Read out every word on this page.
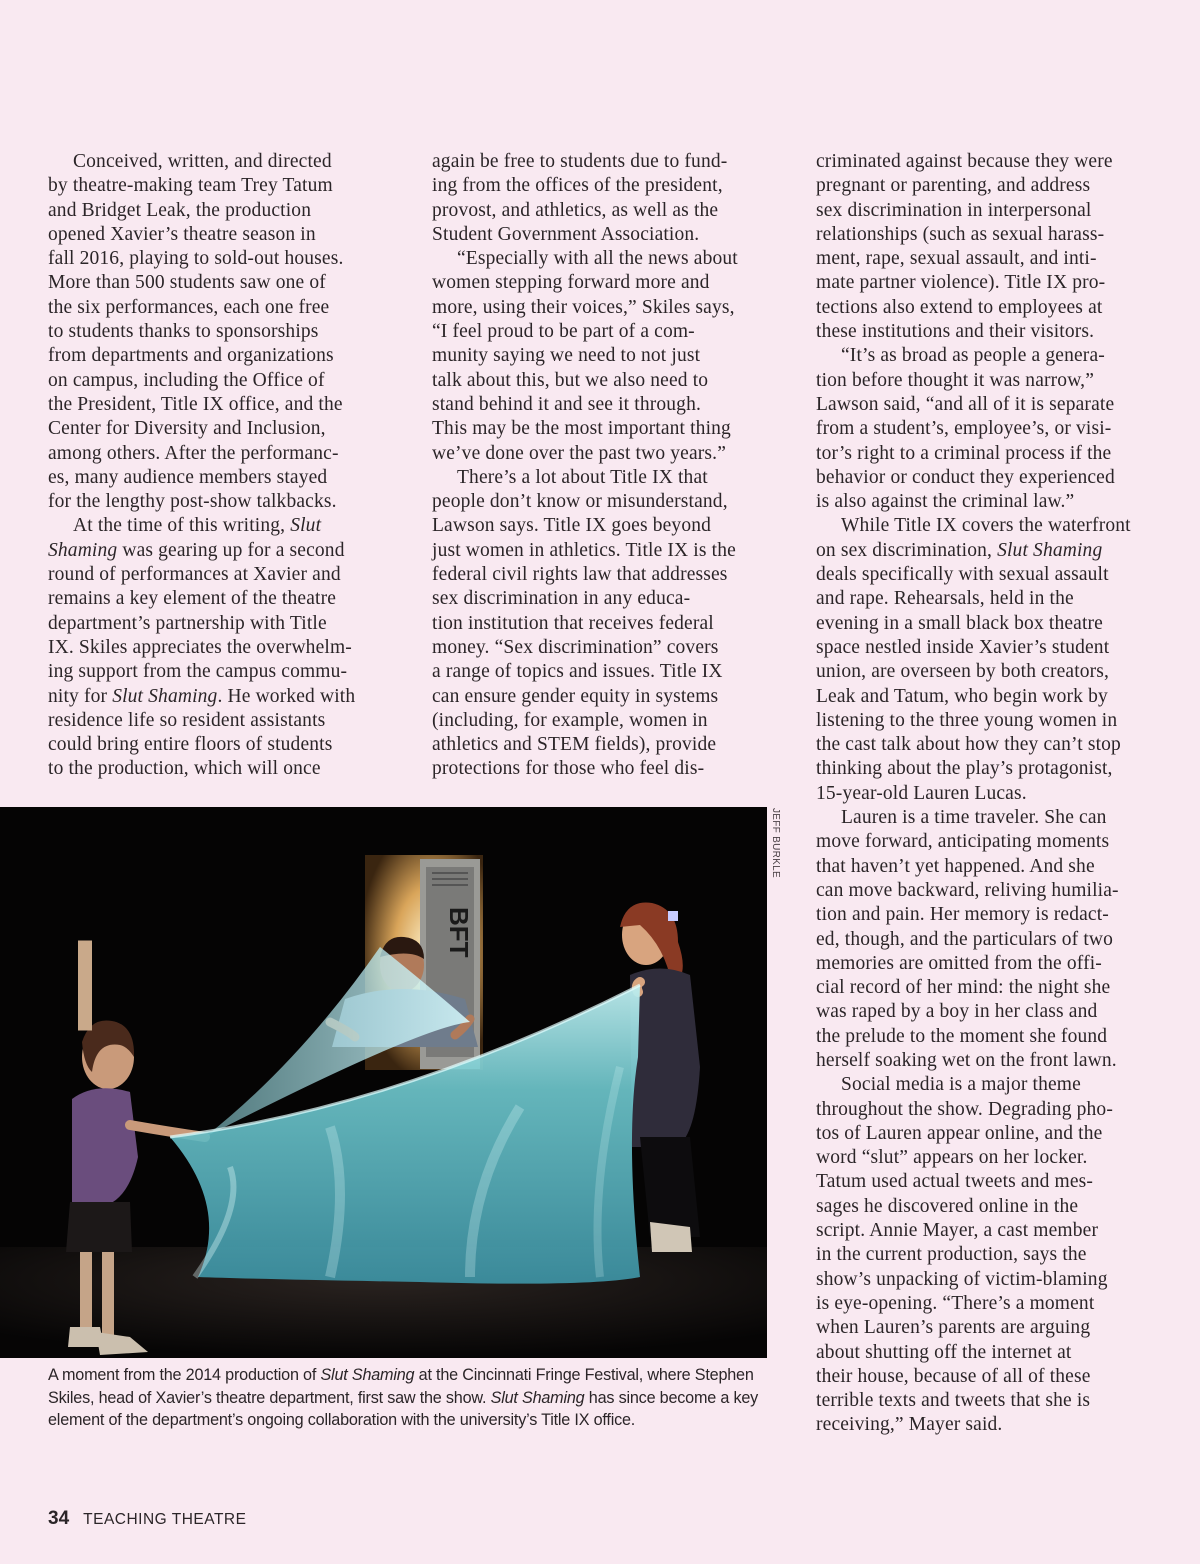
Conceived, written, and directed
by theatre-making team Trey Tatum
and Bridget Leak, the production
opened Xavier’s theatre season in
fall 2016, playing to sold-out houses.
More than 500 students saw one of
the six performances, each one free
to students thanks to sponsorships
from departments and organizations
on campus, including the Office of
the President, Title IX office, and the
Center for Diversity and Inclusion,
among others. After the performanc-
es, many audience members stayed
for the lengthy post-show talkbacks.

At the time of this writing, Slut
Shaming was gearing up for a second
round of performances at Xavier and
remains a key element of the theatre
department’s partnership with Title
IX. Skiles appreciates the overwhelm-
ing support from the campus commu-
nity for Slut Shaming. He worked with
residence life so resident assistants
could bring entire floors of students
to the production, which will once

again be free to students due to fund-
ing from the offices of the president,
provost, and athletics, as well as the
Student Government Association.

“Especially with all the news about
women stepping forward more and
more, using their voices,” Skiles says,
“I feel proud to be part of a com-
munity saying we need to not just
talk about this, but we also need to
stand behind it and see it through.
This may be the most important thing
we’ve done over the past two years.”

There’s a lot about Title IX that
people don’t know or misunderstand,
Lawson says. Title IX goes beyond
just women in athletics. Title IX is the
federal civil rights law that addresses
sex discrimination in any educa-
tion institution that receives federal
money. “Sex discrimination” covers
a range of topics and issues. Title IX
can ensure gender equity in systems
(including, for example, women in
athletics and STEM fields), provide
protections for those who feel dis-

criminated against because they were
pregnant or parenting, and address
sex discrimination in interpersonal
relationships (such as sexual harass-
ment, rape, sexual assault, and inti-
mate partner violence). Title IX pro-
tections also extend to employees at
these institutions and their visitors.

“It’s as broad as people a genera-
tion before thought it was narrow,”
Lawson said, “and all of it is separate
from a student’s, employee’s, or visi-
tor’s right to a criminal process if the
behavior or conduct they experienced
is also against the criminal law.”

While Title IX covers the waterfront
on sex discrimination, Slut Shaming
deals specifically with sexual assault
and rape. Rehearsals, held in the
evening in a small black box theatre
space nestled inside Xavier’s student
union, are overseen by both creators,
Leak and Tatum, who begin work by
listening to the three young women in
the cast talk about how they can’t stop
thinking about the play’s protagonist,
15-year-old Lauren Lucas.

Lauren is a time traveler. She can
move forward, anticipating moments
that haven’t yet happened. And she
can move backward, reliving humilia-
tion and pain. Her memory is redact-
ed, though, and the particulars of two
memories are omitted from the offi-
cial record of her mind: the night she
was raped by a boy in her class and
the prelude to the moment she found
herself soaking wet on the front lawn.

Social media is a major theme
throughout the show. Degrading pho-
tos of Lauren appear online, and the
word “slut” appears on her locker.
Tatum used actual tweets and mes-
sages he discovered online in the
script. Annie Mayer, a cast member
in the current production, says the
show’s unpacking of victim-blaming
is eye-opening. “There’s a moment
when Lauren’s parents are arguing
about shutting off the internet at
their house, because of all of these
terrible texts and tweets that she is
receiving,” Mayer said.

BFT
JEFF BURKLE
A moment from the 2014 production of Slut Shaming at the Cincinnati Fringe Festival, where Stephen
Skiles, head of Xavier’s theatre department, first saw the show. Slut Shaming has since become a key
element of the department’s ongoing collaboration with the university’s Title IX office.
34 TEACHING THEATRE
